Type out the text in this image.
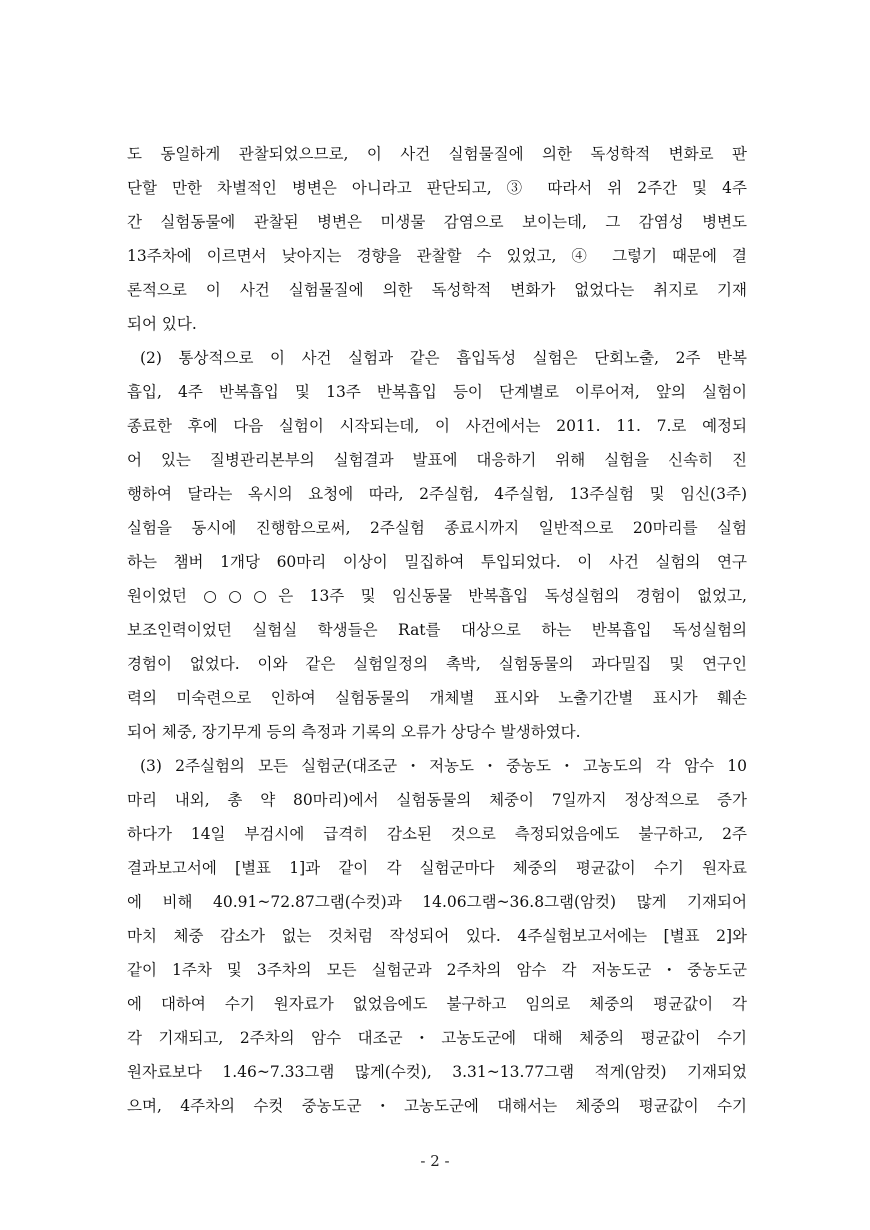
도 동일하게 관찰되었으므로, 이 사건 실험물질에 의한 독성학적 변화로 판
단할 만한 차별적인 병변은 아니라고 판단되고, ③ 따라서 위 2주간 및 4주
간 실험동물에 관찰된 병변은 미생물 감염으로 보이는데, 그 감염성 병변도
13주차에 이르면서 낮아지는 경향을 관찰할 수 있었고, ④ 그렇기 때문에 결
론적으로 이 사건 실험물질에 의한 독성학적 변화가 없었다는 취지로 기재
되어 있다.
(2) 통상적으로 이 사건 실험과 같은 흡입독성 실험은 단회노출, 2주 반복
흡입, 4주 반복흡입 및 13주 반복흡입 등이 단계별로 이루어져, 앞의 실험이
종료한 후에 다음 실험이 시작되는데, 이 사건에서는 2011. 11. 7.로 예정되
어 있는 질병관리본부의 실험결과 발표에 대응하기 위해 실험을 신속히 진
행하여 달라는 옥시의 요청에 따라, 2주실험, 4주실험, 13주실험 및 임신(3주)
실험을 동시에 진행함으로써, 2주실험 종료시까지 일반적으로 20마리를 실험
하는 챔버 1개당 60마리 이상이 밀집하여 투입되었다. 이 사건 실험의 연구
원이었던 ○○○은 13주 및 임신동물 반복흡입 독성실험의 경험이 없었고,
보조인력이었던 실험실 학생들은 Rat를 대상으로 하는 반복흡입 독성실험의
경험이 없었다. 이와 같은 실험일정의 촉박, 실험동물의 과다밀집 및 연구인
력의 미숙련으로 인하여 실험동물의 개체별 표시와 노출기간별 표시가 훼손
되어 체중, 장기무게 등의 측정과 기록의 오류가 상당수 발생하였다.
(3) 2주실험의 모든 실험군(대조군・저농도・중농도・고농도의 각 암수 10
마리 내외, 총 약 80마리)에서 실험동물의 체중이 7일까지 정상적으로 증가
하다가 14일 부검시에 급격히 감소된 것으로 측정되었음에도 불구하고, 2주
결과보고서에 [별표 1]과 같이 각 실험군마다 체중의 평균값이 수기 원자료
에 비해 40.91~72.87그램(수컷)과 14.06그램~36.8그램(암컷) 많게 기재되어
마치 체중 감소가 없는 것처럼 작성되어 있다. 4주실험보고서에는 [별표 2]와
같이 1주차 및 3주차의 모든 실험군과 2주차의 암수 각 저농도군・중농도군
에 대하여 수기 원자료가 없었음에도 불구하고 임의로 체중의 평균값이 각
각 기재되고, 2주차의 암수 대조군・고농도군에 대해 체중의 평균값이 수기
원자료보다 1.46~7.33그램 많게(수컷), 3.31~13.77그램 적게(암컷) 기재되었
으며, 4주차의 수컷 중농도군・고농도군에 대해서는 체중의 평균값이 수기
- 2 -
